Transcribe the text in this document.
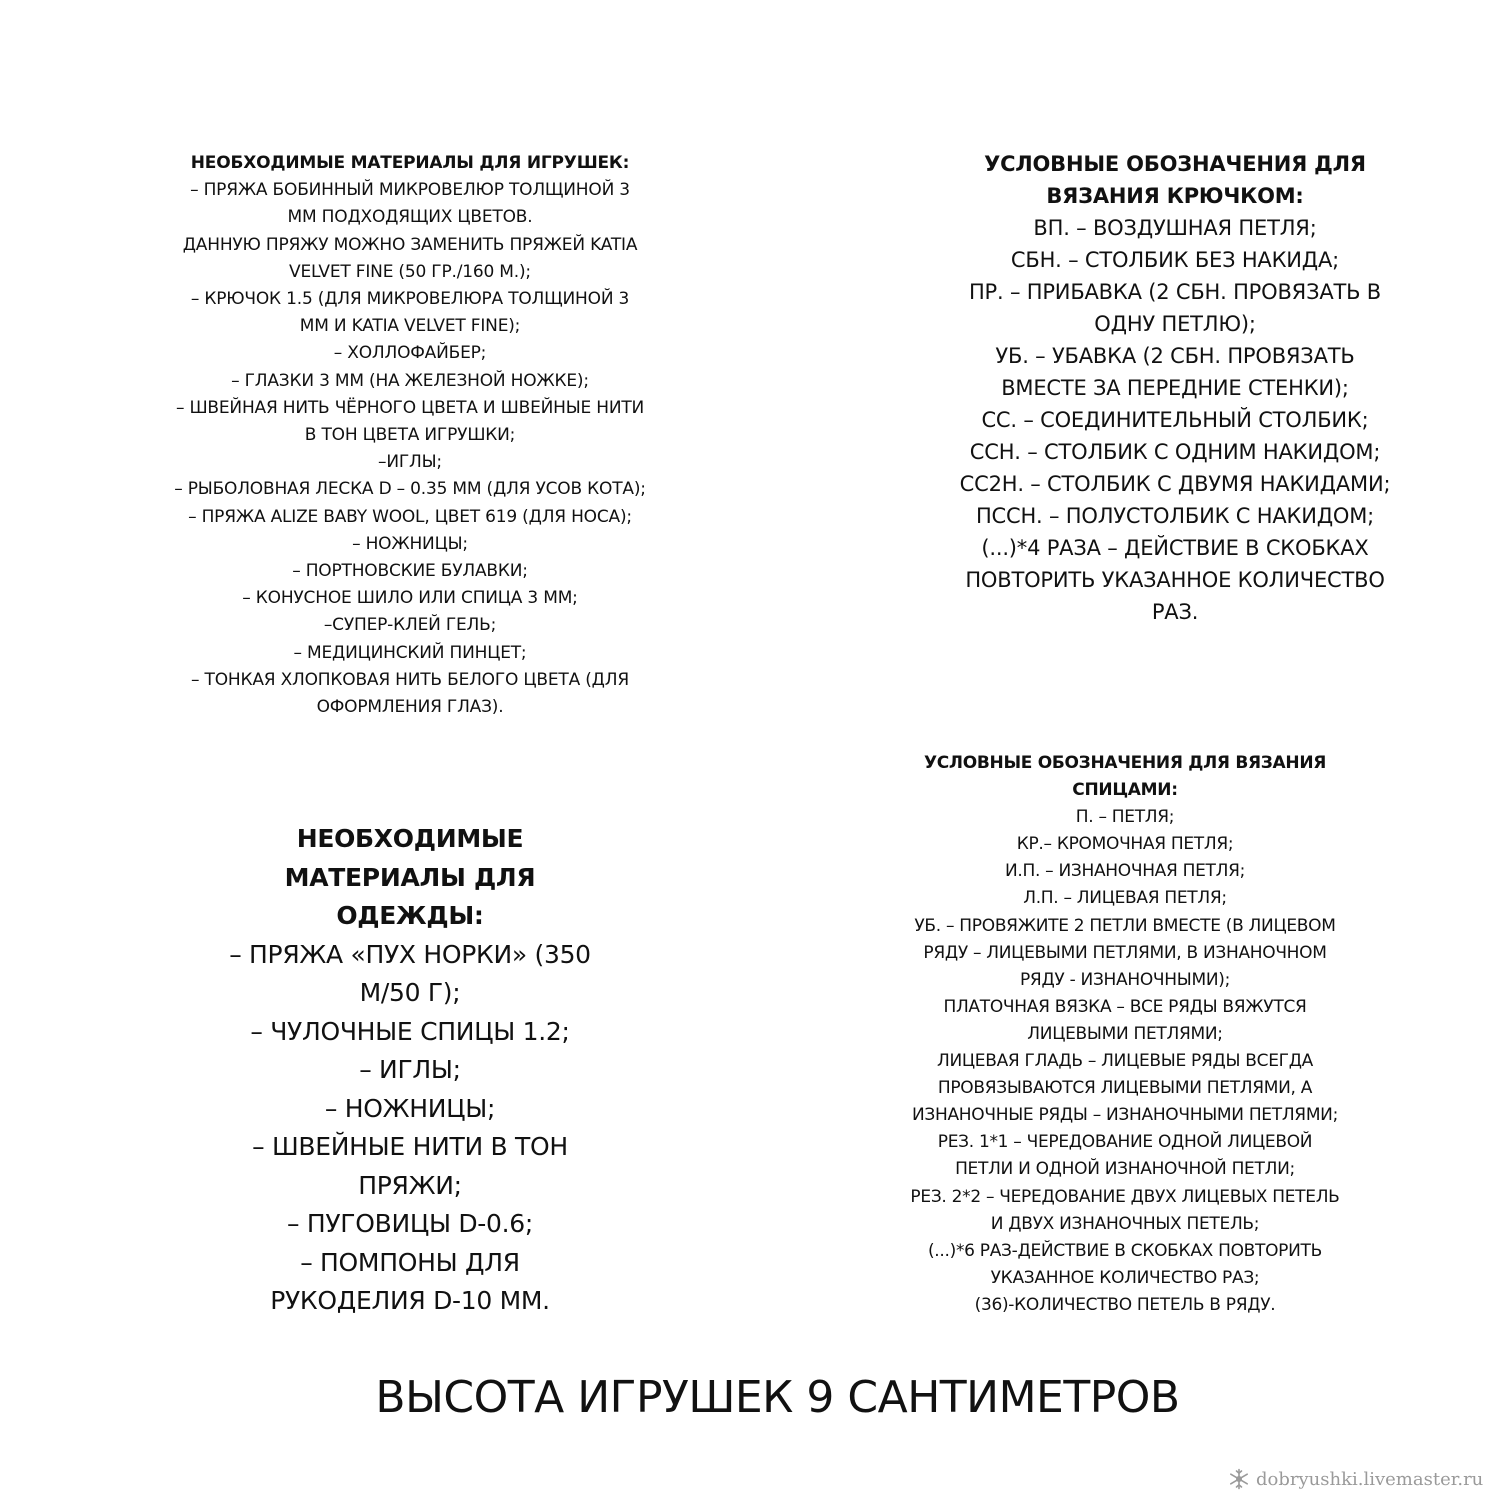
НЕОБХОДИМЫЕ МАТЕРИАЛЫ ДЛЯ ИГРУШЕК:
– ПРЯЖА БОБИННЫЙ МИКРОВЕЛЮР ТОЛЩИНОЙ 3
ММ ПОДХОДЯЩИХ ЦВЕТОВ.
ДАННУЮ ПРЯЖУ МОЖНО ЗАМЕНИТЬ ПРЯЖЕЙ KATIA
VELVET FINE (50 ГР./160 М.);
– КРЮЧОК 1.5 (ДЛЯ МИКРОВЕЛЮРА ТОЛЩИНОЙ 3
ММ И KATIA VELVET FINE);
– ХОЛЛОФАЙБЕР;
– ГЛАЗКИ 3 ММ (НА ЖЕЛЕЗНОЙ НОЖКЕ);
– ШВЕЙНАЯ НИТЬ ЧЁРНОГО ЦВЕТА И ШВЕЙНЫЕ НИТИ
В ТОН ЦВЕТА ИГРУШКИ;
–ИГЛЫ;
– РЫБОЛОВНАЯ ЛЕСКА D – 0.35 ММ (ДЛЯ УСОВ КОТА);
– ПРЯЖА ALIZE BABY WOOL, ЦВЕТ 619 (ДЛЯ НОСА);
– НОЖНИЦЫ;
– ПОРТНОВСКИЕ БУЛАВКИ;
– КОНУСНОЕ ШИЛО ИЛИ СПИЦА 3 ММ;
–СУПЕР-КЛЕЙ ГЕЛЬ;
– МЕДИЦИНСКИЙ ПИНЦЕТ;
– ТОНКАЯ ХЛОПКОВАЯ НИТЬ БЕЛОГО ЦВЕТА (ДЛЯ
ОФОРМЛЕНИЯ ГЛАЗ).
УСЛОВНЫЕ ОБОЗНАЧЕНИЯ ДЛЯ
ВЯЗАНИЯ КРЮЧКОМ:
ВП. – ВОЗДУШНАЯ ПЕТЛЯ;
СБН. – СТОЛБИК БЕЗ НАКИДА;
ПР. – ПРИБАВКА (2 СБН. ПРОВЯЗАТЬ В
ОДНУ ПЕТЛЮ);
УБ. – УБАВКА (2 СБН. ПРОВЯЗАТЬ
ВМЕСТЕ ЗА ПЕРЕДНИЕ СТЕНКИ);
СС. – СОЕДИНИТЕЛЬНЫЙ СТОЛБИК;
ССН. – СТОЛБИК С ОДНИМ НАКИДОМ;
СС2Н. – СТОЛБИК С ДВУМЯ НАКИДАМИ;
ПССН. – ПОЛУСТОЛБИК С НАКИДОМ;
(...)*4 РАЗА – ДЕЙСТВИЕ В СКОБКАХ
ПОВТОРИТЬ УКАЗАННОЕ КОЛИЧЕСТВО
РАЗ.
УСЛОВНЫЕ ОБОЗНАЧЕНИЯ ДЛЯ ВЯЗАНИЯ
СПИЦАМИ:
П. – ПЕТЛЯ;
КР.– КРОМОЧНАЯ ПЕТЛЯ;
И.П. – ИЗНАНОЧНАЯ ПЕТЛЯ;
Л.П. – ЛИЦЕВАЯ ПЕТЛЯ;
УБ. – ПРОВЯЖИТЕ 2 ПЕТЛИ ВМЕСТЕ (В ЛИЦЕВОМ
РЯДУ – ЛИЦЕВЫМИ ПЕТЛЯМИ, В ИЗНАНОЧНОМ
РЯДУ - ИЗНАНОЧНЫМИ);
ПЛАТОЧНАЯ ВЯЗКА – ВСЕ РЯДЫ ВЯЖУТСЯ
ЛИЦЕВЫМИ ПЕТЛЯМИ;
ЛИЦЕВАЯ ГЛАДЬ – ЛИЦЕВЫЕ РЯДЫ ВСЕГДА
ПРОВЯЗЫВАЮТСЯ ЛИЦЕВЫМИ ПЕТЛЯМИ, А
ИЗНАНОЧНЫЕ РЯДЫ – ИЗНАНОЧНЫМИ ПЕТЛЯМИ;
РЕЗ. 1*1 – ЧЕРЕДОВАНИЕ ОДНОЙ ЛИЦЕВОЙ
ПЕТЛИ И ОДНОЙ ИЗНАНОЧНОЙ ПЕТЛИ;
РЕЗ. 2*2 – ЧЕРЕДОВАНИЕ ДВУХ ЛИЦЕВЫХ ПЕТЕЛЬ
И ДВУХ ИЗНАНОЧНЫХ ПЕТЕЛЬ;
(...)*6 РАЗ-ДЕЙСТВИЕ В СКОБКАХ ПОВТОРИТЬ
УКАЗАННОЕ КОЛИЧЕСТВО РАЗ;
(36)-КОЛИЧЕСТВО ПЕТЕЛЬ В РЯДУ.
НЕОБХОДИМЫЕ
МАТЕРИАЛЫ ДЛЯ
ОДЕЖДЫ:
– ПРЯЖА «ПУХ НОРКИ» (350
М/50 Г);
– ЧУЛОЧНЫЕ СПИЦЫ 1.2;
– ИГЛЫ;
– НОЖНИЦЫ;
– ШВЕЙНЫЕ НИТИ В ТОН
ПРЯЖИ;
– ПУГОВИЦЫ D-0.6;
– ПОМПОНЫ ДЛЯ
РУКОДЕЛИЯ D-10 ММ.
ВЫСОТА ИГРУШЕК 9 САНТИМЕТРОВ
dobryushki.livemaster.ru
